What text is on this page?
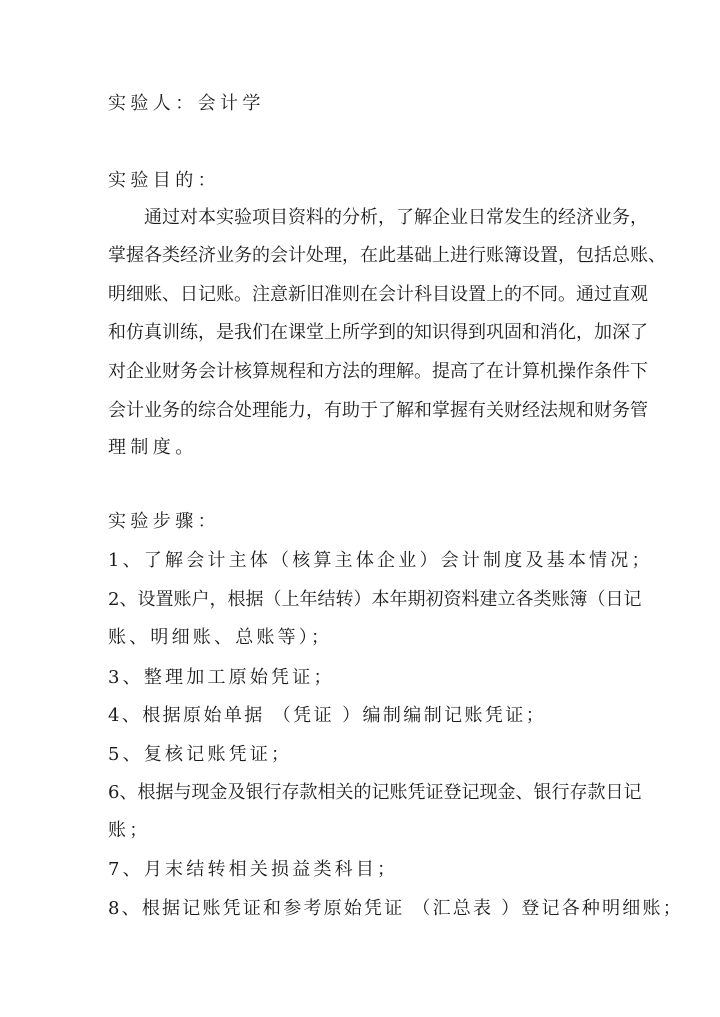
实验人：会计学
实验目的：
通过对本实验项目资料的分析，了解企业日常发生的经济业务，
掌握各类经济业务的会计处理，在此基础上进行账簿设置，包括总账、
明细账、日记账。注意新旧准则在会计科目设置上的不同。通过直观
和仿真训练，是我们在课堂上所学到的知识得到巩固和消化，加深了
对企业财务会计核算规程和方法的理解。提高了在计算机操作条件下
会计业务的综合处理能力，有助于了解和掌握有关财经法规和财务管
理制度。
实验步骤：
1、了解会计主体（核算主体企业）会计制度及基本情况；
2、设置账户，根据（上年结转）本年期初资料建立各类账簿（日记
账、明细账、总账等）；
3、整理加工原始凭证；
4、根据原始单据 （凭证 ）编制编制记账凭证；
5、复核记账凭证；
6、根据与现金及银行存款相关的记账凭证登记现金、银行存款日记
账；
7、月末结转相关损益类科目；
8、根据记账凭证和参考原始凭证 （汇总表 ）登记各种明细账；
